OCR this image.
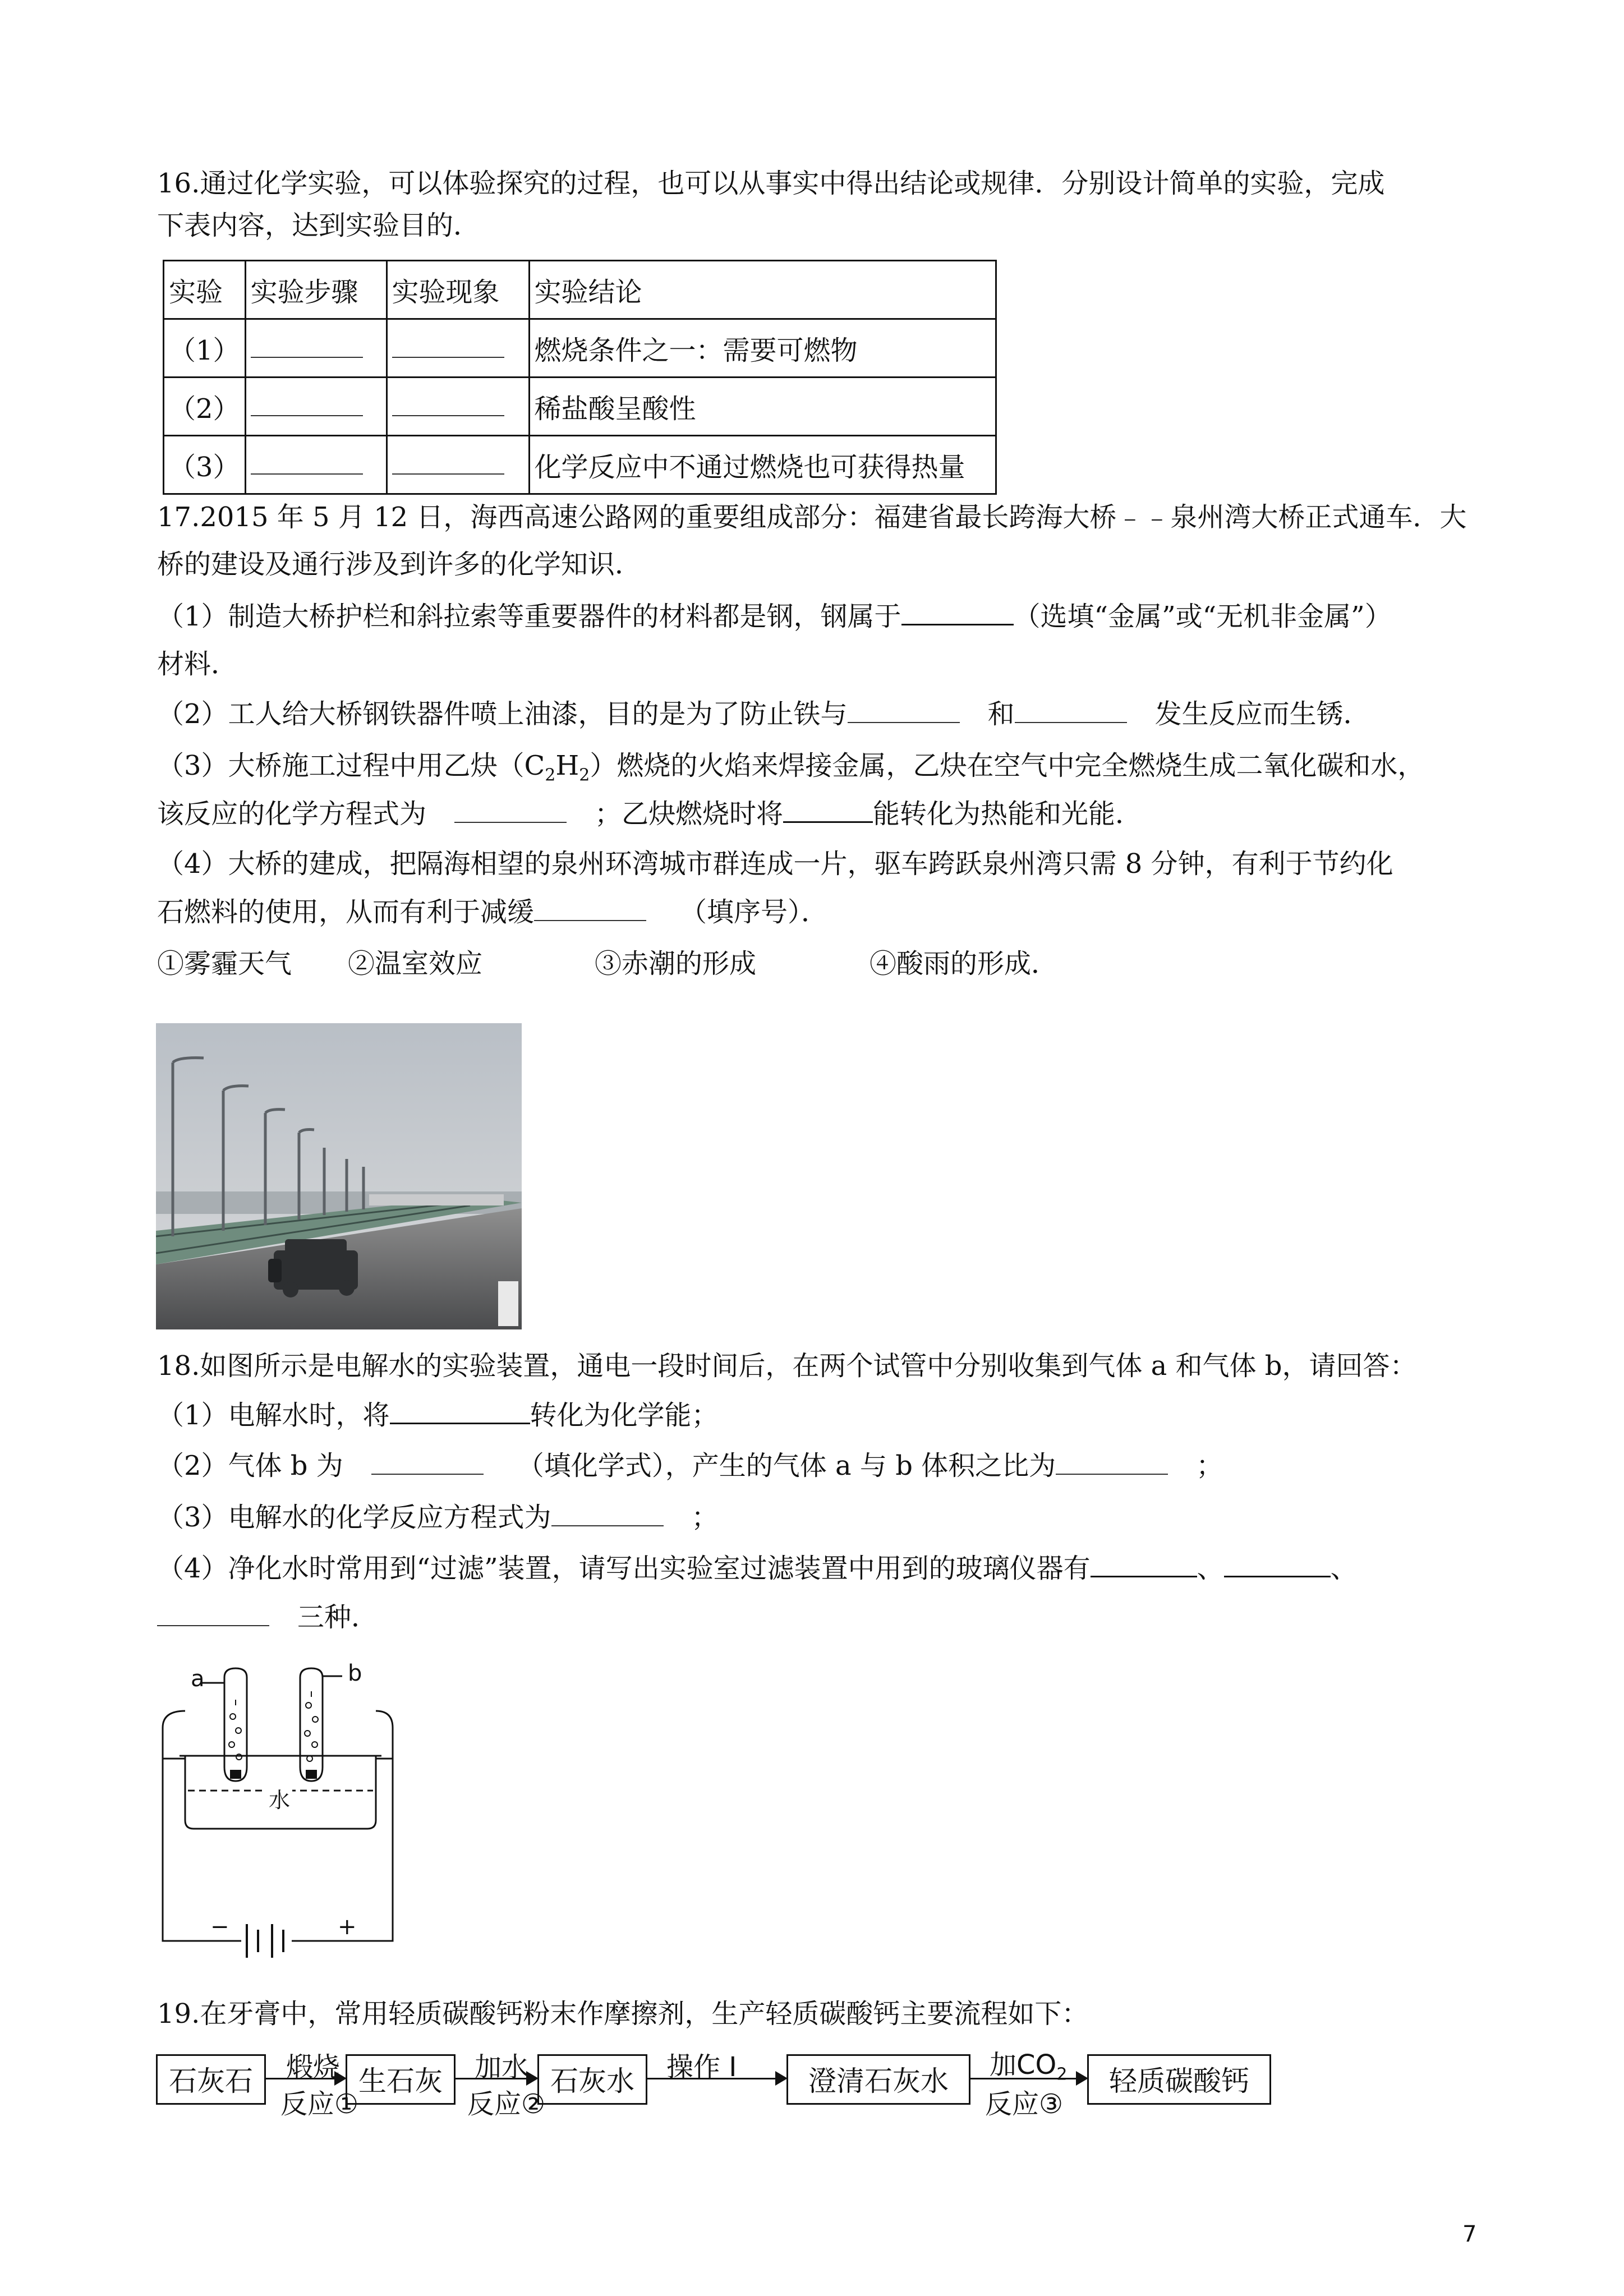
16.通过化学实验，可以体验探究的过程，也可以从事实中得出结论或规律．分别设计简单的实验，完成
下表内容，达到实验目的．
实验	实验步骤	实验现象	实验结论
（1）			燃烧条件之一：需要可燃物
（2）			稀盐酸呈酸性
（3）			化学反应中不通过燃烧也可获得热量
17.2015 年 5 月 12 日，海西高速公路网的重要组成部分：福建省最长跨海大桥﹣﹣泉州湾大桥正式通车．大
桥的建设及通行涉及到许多的化学知识．
（1）制造大桥护栏和斜拉索等重要器件的材料都是钢，钢属于	（选填“金属”或“无机非金属”）
材料．
（2）工人给大桥钢铁器件喷上油漆，目的是为了防止铁与	和	发生反应而生锈．
（3）大桥施工过程中用乙炔$(C_2H_2)$燃烧的火焰来焊接金属，乙炔在空气中完全燃烧生成二氧化碳和水，
该反应的化学方程式为	；乙炔燃烧时将	能转化为热能和光能．
（4）大桥的建成，把隔海相望的泉州环湾城市群连成一片，驱车跨跃泉州湾只需 8 分钟，有利于节约化
石燃料的使用，从而有利于减缓	（填序号）．
①雾霾天气 ②温室效应	③赤潮的形成	④酸雨的形成．
18.如图所示是电解水的实验装置，通电一段时间后，在两个试管中分别收集到气体 a 和气体 b，请回答：
（1）电解水时，将	转化为化学能；
（2）气体 b 为	（填化学式），产生的气体 a 与 b 体积之比为	；
（3）电解水的化学反应方程式为	；
（4）净化水时常用到“过滤”装置，请写出实验室过滤装置中用到的玻璃仪器有	、	、
三种．
a	b
水
−	+
19.在牙膏中，常用轻质碳酸钙粉末作摩擦剂，生产轻质碳酸钙主要流程如下：
石灰石	煅烧
反应①
生石灰	加水
反应②
石灰水	操作 I	澄清石灰水	加$CO_2$
反应③
轻质碳酸钙
7
